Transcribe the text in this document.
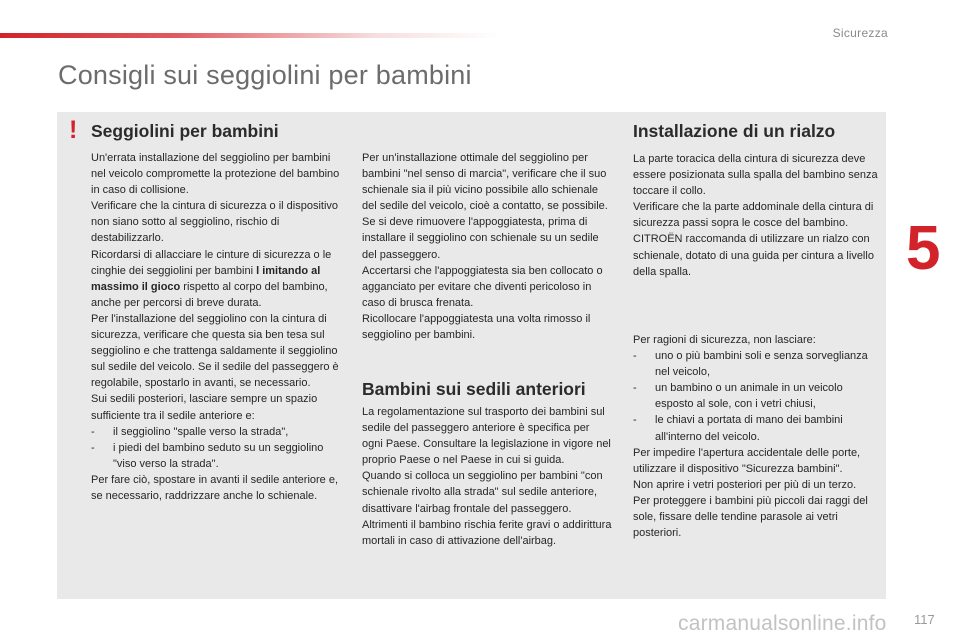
Sicurezza
Consigli sui seggiolini per bambini
5
! Seggiolini per bambini

Un'errata installazione del seggiolino per bambini nel veicolo compromette la protezione del bambino in caso di collisione.

Verificare che la cintura di sicurezza o il dispositivo non siano sotto al seggiolino, rischio di destabilizzarlo.

Ricordarsi di allacciare le cinture di sicurezza o le cinghie dei seggiolini per bambini l imitando al massimo il gioco rispetto al corpo del bambino, anche per percorsi di breve durata.

Per l'installazione del seggiolino con la cintura di sicurezza, verificare che questa sia ben tesa sul seggiolino e che trattenga saldamente il seggiolino sul sedile del veicolo. Se il sedile del passeggero è regolabile, spostarlo in avanti, se necessario.

Sui sedili posteriori, lasciare sempre un spazio sufficiente tra il sedile anteriore e:

-	il seggiolino "spalle verso la strada",
-	i piedi del bambino seduto su un seggiolino "viso verso la strada".

Per fare ciò, spostare in avanti il sedile anteriore e, se necessario, raddrizzare anche lo schienale.

Per un'installazione ottimale del seggiolino per bambini "nel senso di marcia", verificare che il suo schienale sia il più vicino possibile allo schienale del sedile del veicolo, cioè a contatto, se possibile.

Se si deve rimuovere l'appoggiatesta, prima di installare il seggiolino con schienale su un sedile del passeggero.

Accertarsi che l'appoggiatesta sia ben collocato o agganciato per evitare che diventi pericoloso in caso di brusca frenata.

Ricollocare l'appoggiatesta una volta rimosso il seggiolino per bambini.

Bambini sui sedili anteriori

La regolamentazione sul trasporto dei bambini sul sedile del passeggero anteriore è specifica per ogni Paese. Consultare la legislazione in vigore nel proprio Paese o nel Paese in cui si guida.

Quando si colloca un seggiolino per bambini "con schienale rivolto alla strada" sul sedile anteriore, disattivare l'airbag frontale del passeggero. Altrimenti il bambino rischia ferite gravi o addirittura mortali in caso di attivazione dell'airbag.

Installazione di un rialzo

La parte toracica della cintura di sicurezza deve essere posizionata sulla spalla del bambino senza toccare il collo.

Verificare che la parte addominale della cintura di sicurezza passi sopra le cosce del bambino.

CITROËN raccomanda di utilizzare un rialzo con schienale, dotato di una guida per cintura a livello della spalla.

Per ragioni di sicurezza, non lasciare:

-	uno o più bambini soli e senza sorveglianza nel veicolo,
-	un bambino o un animale in un veicolo esposto al sole, con i vetri chiusi,
-	le chiavi a portata di mano dei bambini all'interno del veicolo.

Per impedire l'apertura accidentale delle porte, utilizzare il dispositivo "Sicurezza bambini".

Non aprire i vetri posteriori per più di un terzo.

Per proteggere i bambini più piccoli dai raggi del sole, fissare delle tendine parasole ai vetri posteriori.

117
carmanualsonline.info
